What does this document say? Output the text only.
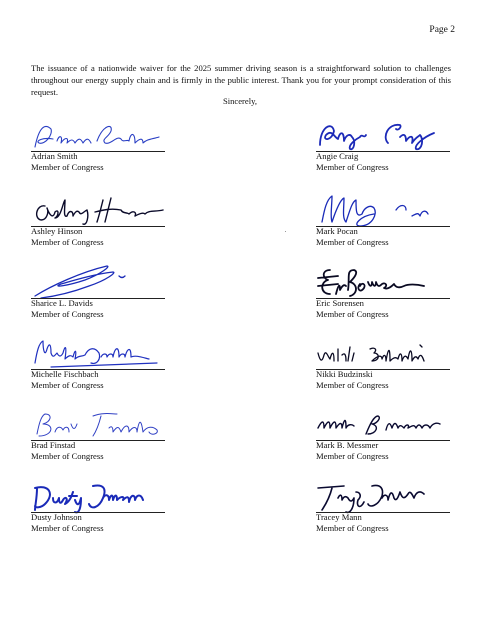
Page 2

The issuance of a nationwide waiver for the 2025 summer driving season is a straightforward solution to challenges throughout our energy supply chain and is firmly in the public interest. Thank you for your prompt consideration of this request.

Sincerely,
Adrian Smith
Member of Congress
Angie Craig
Member of Congress
Ashley Hinson
Member of Congress
Mark Pocan
Member of Congress
Sharice L. Davids
Member of Congress
Eric Sorensen
Member of Congress
Michelle Fischbach
Member of Congress
Nikki Budzinski
Member of Congress
Brad Finstad
Member of Congress
Mark B. Messmer
Member of Congress
Dusty Johnson
Member of Congress
Tracey Mann
Member of Congress
